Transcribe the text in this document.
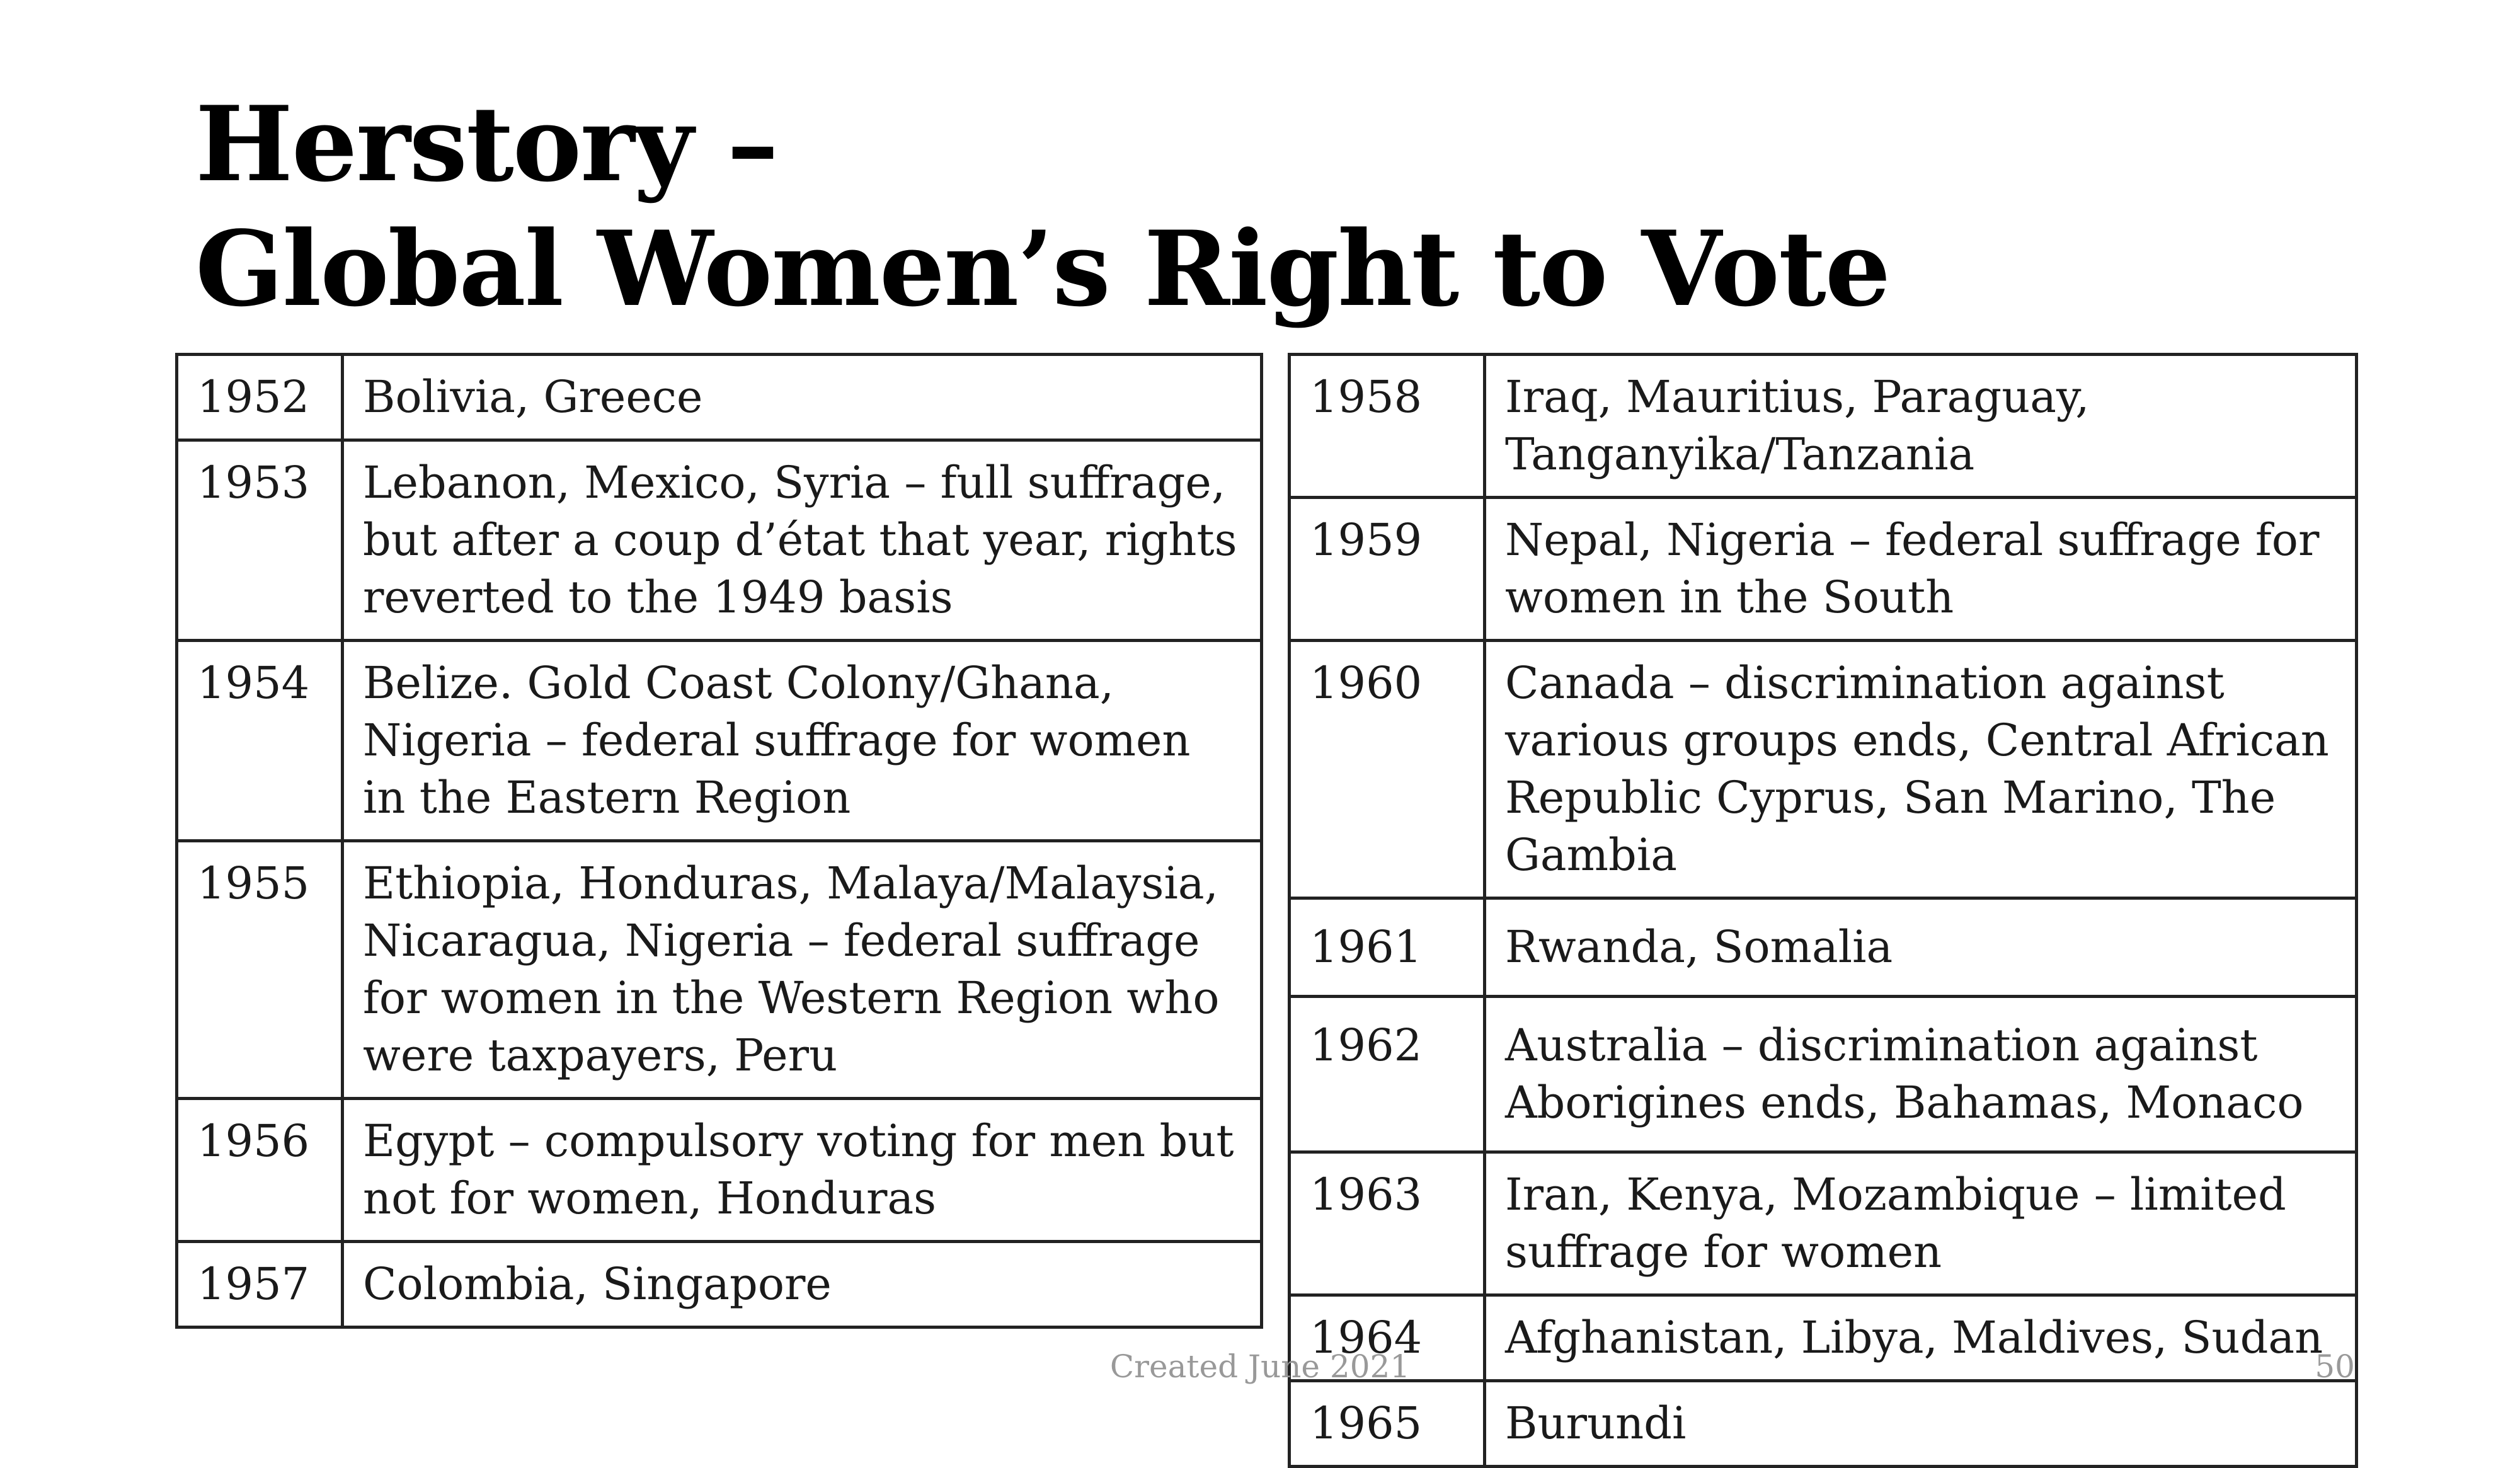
Herstory –
Global Women’s Right to Vote
1952	Bolivia, Greece
1953	Lebanon, Mexico, Syria – full suffrage, but after a coup d’état that year, rights reverted to the 1949 basis
1954	Belize. Gold Coast Colony/Ghana, Nigeria – federal suffrage for women in the Eastern Region
1955	Ethiopia, Honduras, Malaya/Malaysia, Nicaragua, Nigeria – federal suffrage for women in the Western Region who were taxpayers, Peru
1956	Egypt – compulsory voting for men but not for women, Honduras
1957	Colombia, Singapore
1958	Iraq, Mauritius, Paraguay, Tanganyika/Tanzania
1959	Nepal, Nigeria – federal suffrage for women in the South
1960	Canada – discrimination against various groups ends, Central African Republic Cyprus, San Marino, The Gambia
1961	Rwanda, Somalia
1962	Australia – discrimination against Aborigines ends, Bahamas, Monaco
1963	Iran, Kenya, Mozambique – limited suffrage for women
1964	Afghanistan, Libya, Maldives, Sudan
1965	Burundi
Created June 2021	50
